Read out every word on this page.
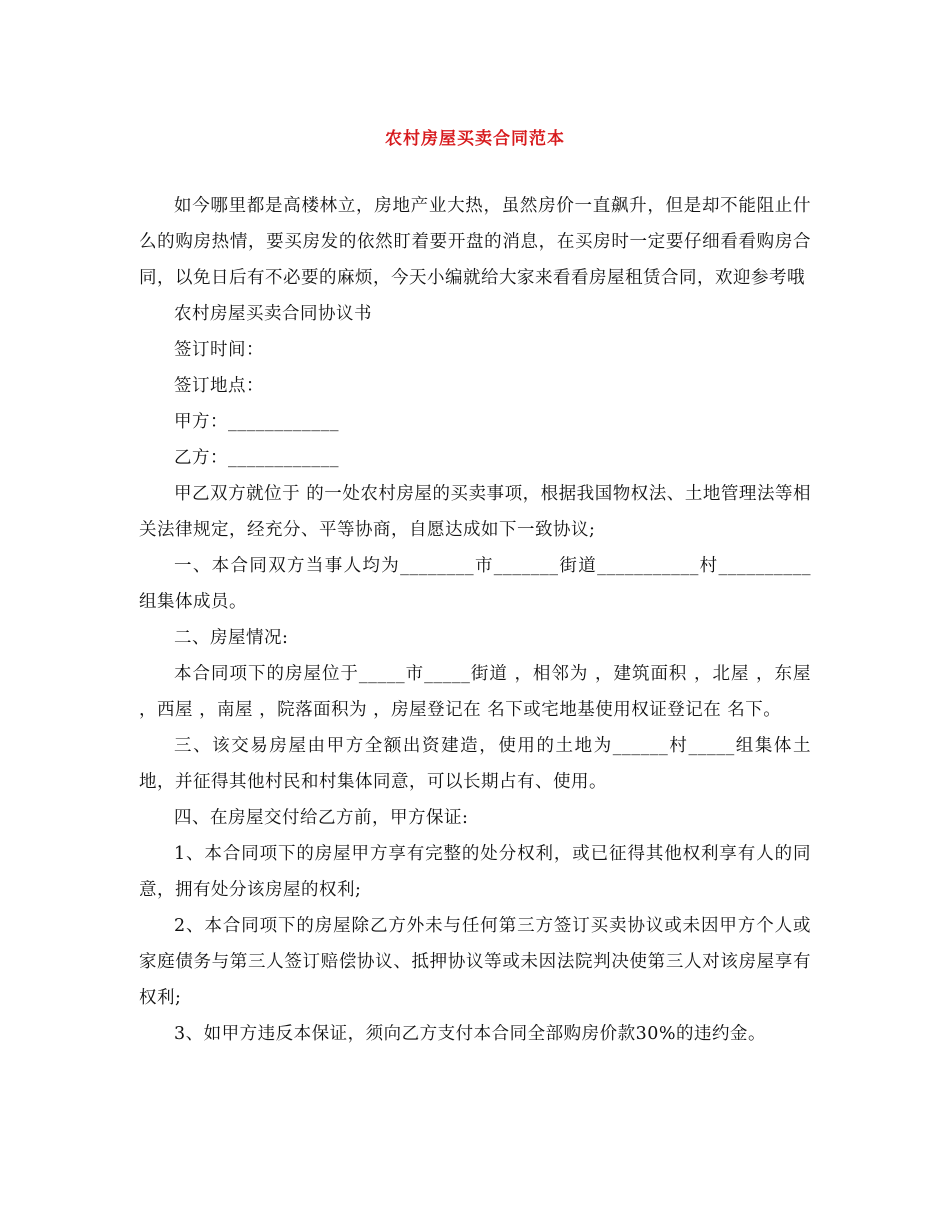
农村房屋买卖合同范本

如今哪里都是高楼林立，房地产业大热，虽然房价一直飙升，但是却不能阻止什么的购房热情，要买房发的依然盯着要开盘的消息，在买房时一定要仔细看看购房合同，以免日后有不必要的麻烦，今天小编就给大家来看看房屋租赁合同，欢迎参考哦

农村房屋买卖合同协议书

签订时间：

签订地点：

甲方：____________

乙方：____________

甲乙双方就位于 的一处农村房屋的买卖事项，根据我国物权法、土地管理法等相关法律规定，经充分、平等协商，自愿达成如下一致协议;

一、本合同双方当事人均为________市_______街道___________村__________组集体成员。

二、房屋情况:

本合同项下的房屋位于_____市_____街道 ，相邻为 ，建筑面积 ，北屋 ，东屋 ，西屋 ，南屋 ，院落面积为 ，房屋登记在 名下或宅地基使用权证登记在 名下。

三、该交易房屋由甲方全额出资建造，使用的土地为______村_____组集体土地，并征得其他村民和村集体同意，可以长期占有、使用。

四、在房屋交付给乙方前，甲方保证:

1、本合同项下的房屋甲方享有完整的处分权利，或已征得其他权利享有人的同意，拥有处分该房屋的权利;

2、本合同项下的房屋除乙方外未与任何第三方签订买卖协议或未因甲方个人或家庭债务与第三人签订赔偿协议、抵押协议等或未因法院判决使第三人对该房屋享有权利;

3、如甲方违反本保证，须向乙方支付本合同全部购房价款30%的违约金。
